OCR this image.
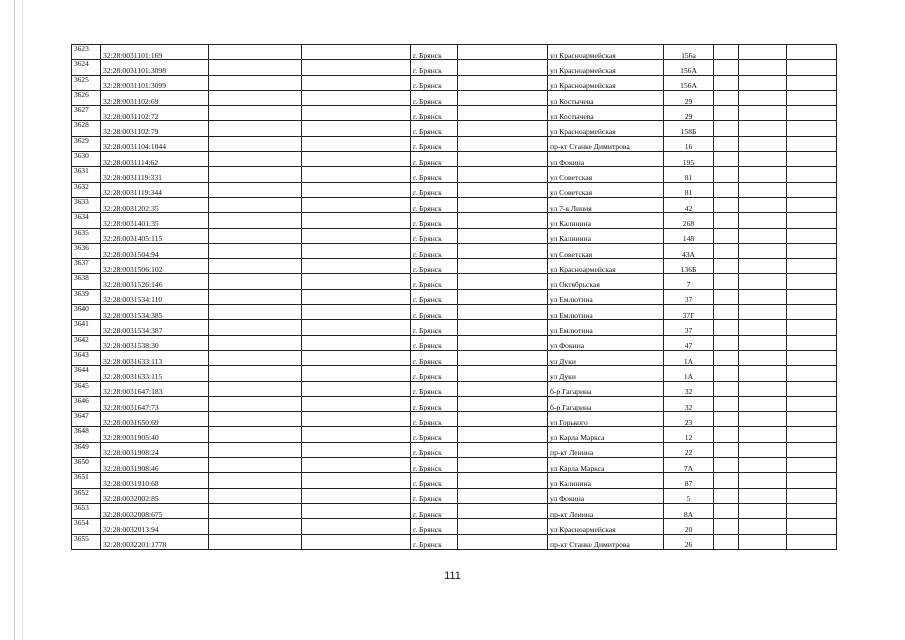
3623	32:28:0031101:169			г. Брянск		ул Красноармейская	156а			
3624	32:28:0031101:3098			г. Брянск		ул Красноармейская	156А			
3625	32:28:0031101:3099			г. Брянск		ул Красноармейская	156А			
3626	32:28:0031102:69			г. Брянск		ул Костычева	29			
3627	32:28:0031102:72			г. Брянск		ул Костычева	29			
3628	32:28:0031102:79			г. Брянск		ул Красноармейская	158Б			
3629	32:28:0031104:1044			г. Брянск		пр-кт Станке Димитрова	16			
3630	32:28:0031114:62			г. Брянск		ул Фокина	195			
3631	32:28:0031119:331			г. Брянск		ул Советская	81			
3632	32:28:0031119:344			г. Брянск		ул Советская	81			
3633	32:28:0031202:35			г. Брянск		ул 7-я Линия	42			
3634	32:28:0031401:35			г. Брянск		ул Калинина	268			
3635	32:28:0031405:115			г. Брянск		ул Калинина	148			
3636	32:28:0031504:94			г. Брянск		ул Советская	43А			
3637	32:28:0031506:102			г. Брянск		ул Красноармейская	136Б			
3638	32:28:0031526:146			г. Брянск		ул Октябрьская	7			
3639	32:28:0031534:110			г. Брянск		ул Емлютина	37			
3640	32:28:0031534:385			г. Брянск		ул Емлютина	37Г			
3641	32:28:0031534:387			г. Брянск		ул Емлютина	37			
3642	32:28:0031538:30			г. Брянск		ул Фокина	47			
3643	32:28:0031633:113			г. Брянск		ул Дуки	1А			
3644	32:28:0031633:115			г. Брянск		ул Дуки	1А			
3645	32:28:0031647:183			г. Брянск		б-р Гагарина	32			
3646	32:28:0031647:73			г. Брянск		б-р Гагарина	32			
3647	32:28:0031650:69			г. Брянск		ул Горького	23			
3648	32:28:0031905:40			г. Брянск		ул Карла Маркса	12			
3649	32:28:0031908:24			г. Брянск		пр-кт Ленина	22			
3650	32:28:0031908:46			г. Брянск		ул Карла Маркса	7А			
3651	32:28:0031910:68			г. Брянск		ул Калинина	87			
3652	32:28:0032002:85			г. Брянск		ул Фокина	5			
3653	32:28:0032008:675			г. Брянск		пр-кт Ленина	8А			
3654	32:28:0032013:94			г. Брянск		ул Красноармейская	20			
3655	32:28:0032201:1778			г. Брянск		пр-кт Станке Димитрова	26			
111
